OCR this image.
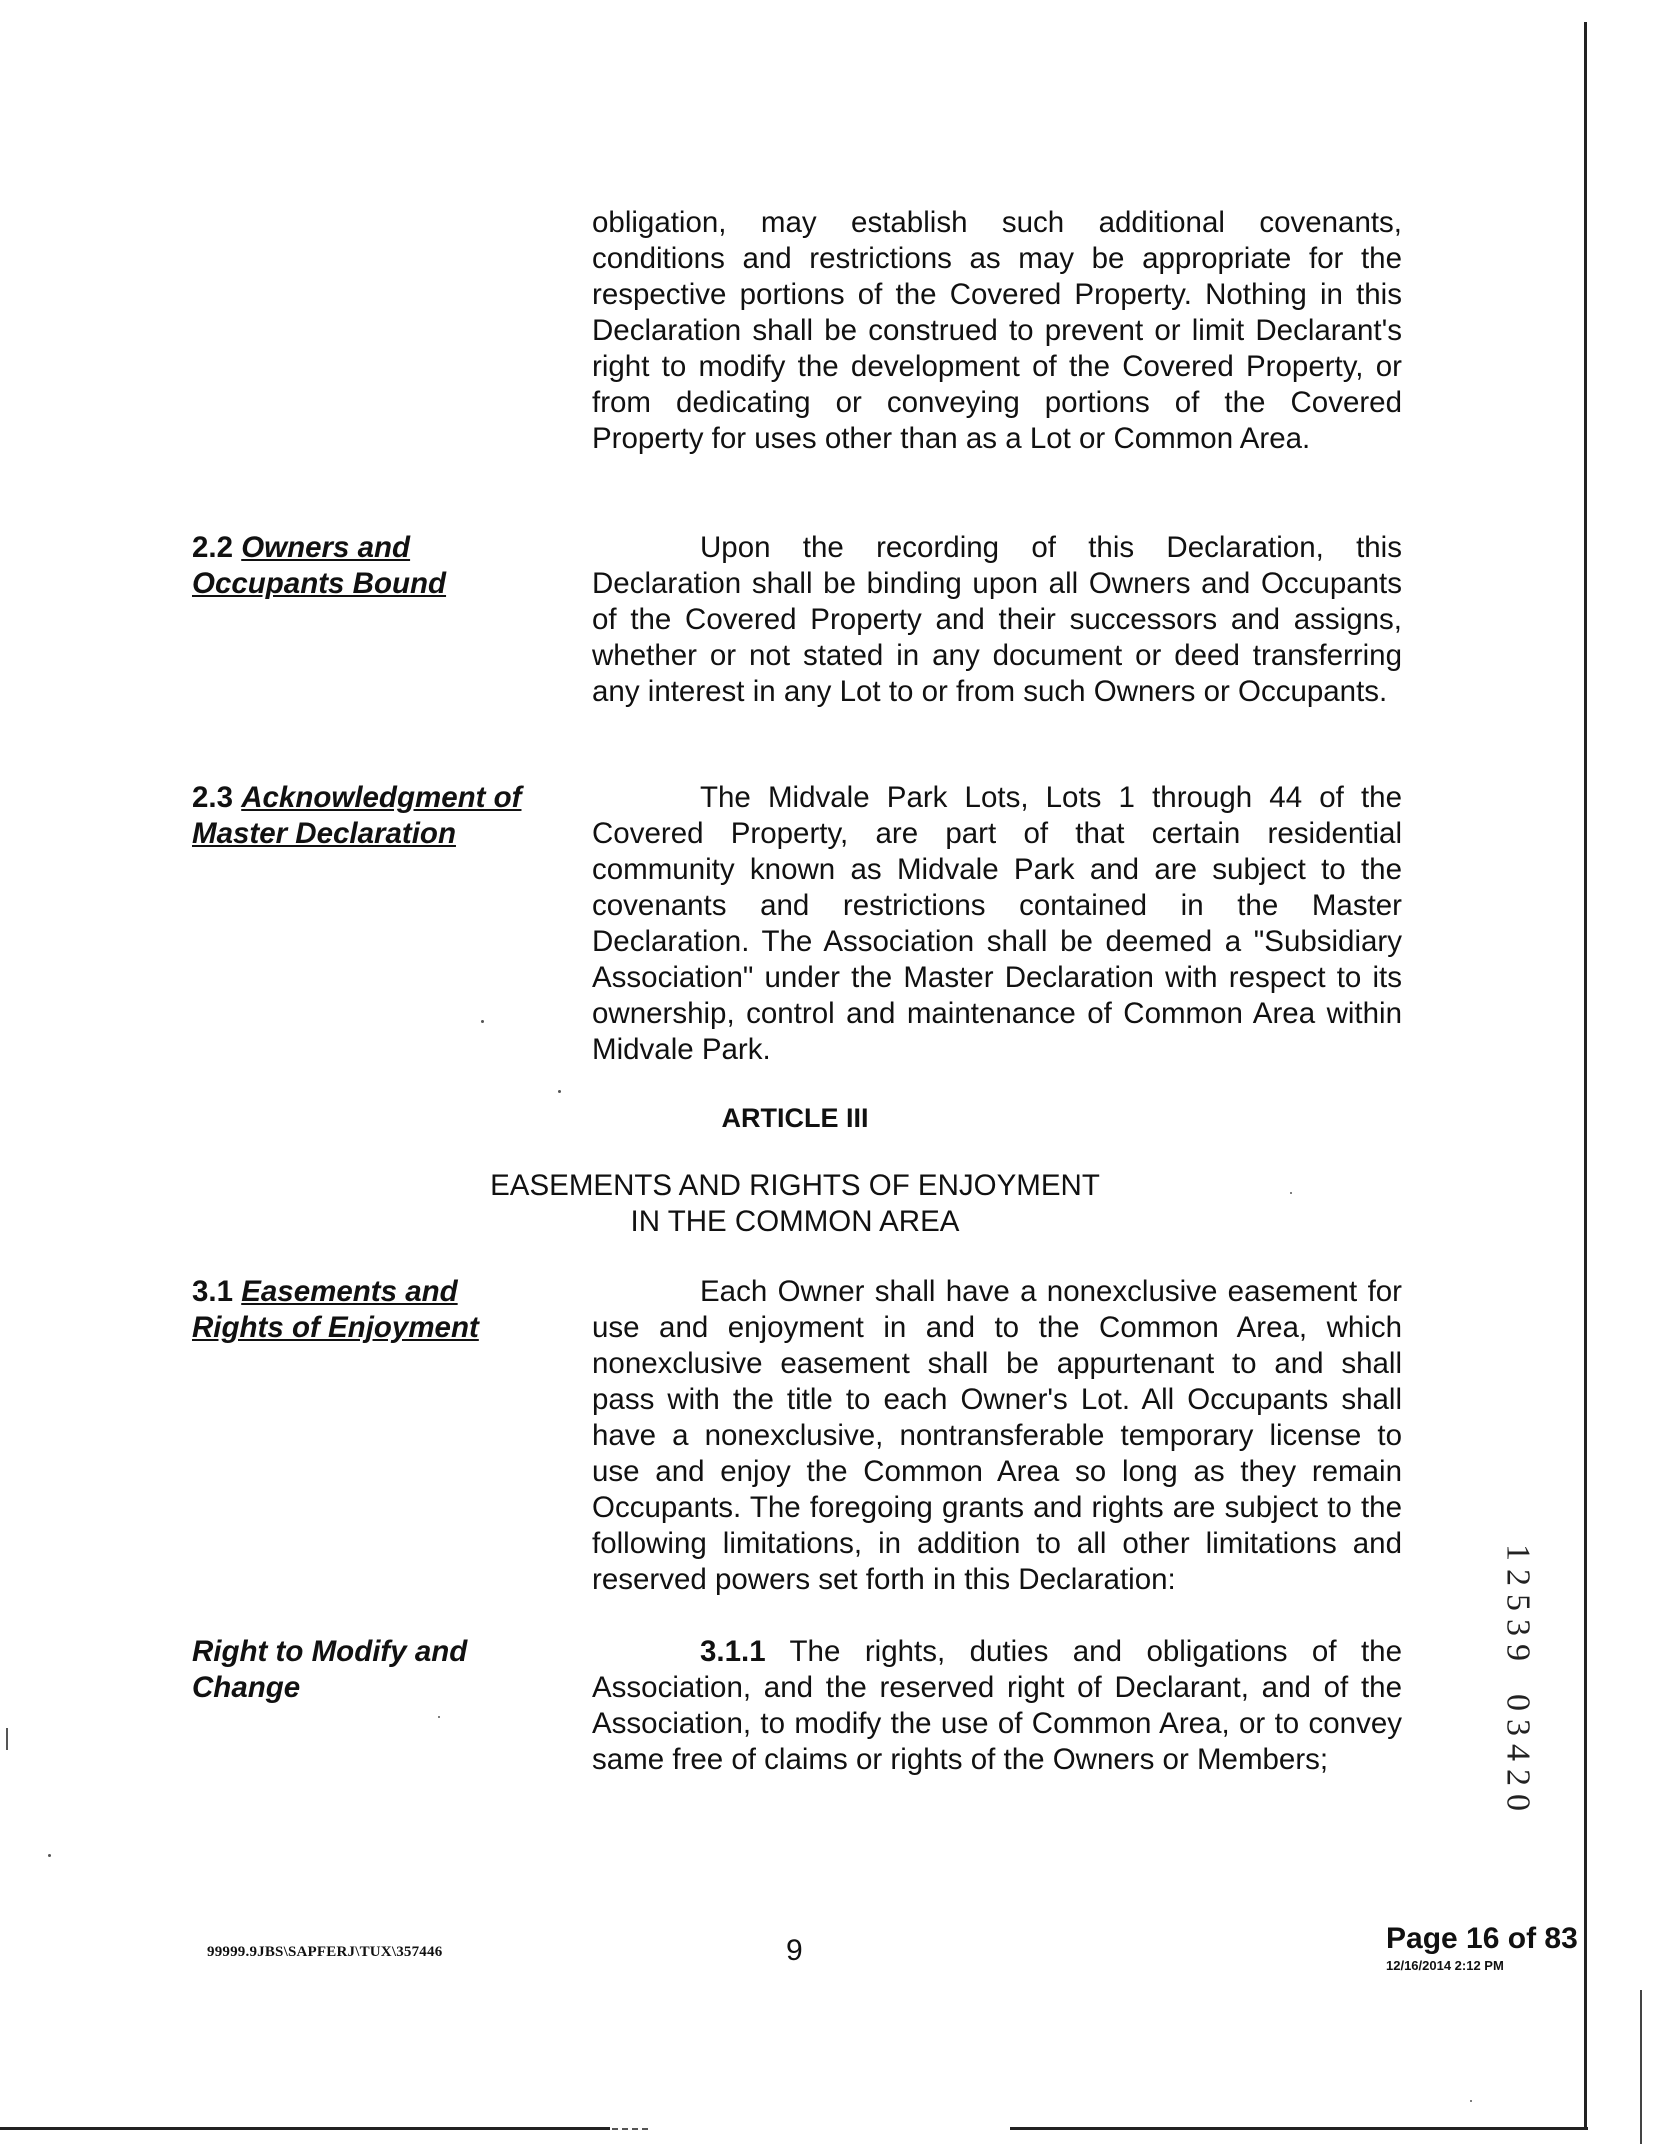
obligation, may establish such additional covenants, conditions and restrictions as may be appropriate for the respective portions of the Covered Property. Nothing in this Declaration shall be construed to prevent or limit Declarant's right to modify the development of the Covered Property, or from dedicating or conveying portions of the Covered Property for uses other than as a Lot or Common Area.
2.2 Owners and
Occupants Bound
Upon the recording of this Declaration, this Declaration shall be binding upon all Owners and Occupants of the Covered Property and their successors and assigns, whether or not stated in any document or deed transferring any interest in any Lot to or from such Owners or Occupants.
2.3 Acknowledgment of
Master Declaration
The Midvale Park Lots, Lots 1 through 44 of the Covered Property, are part of that certain residential community known as Midvale Park and are subject to the covenants and restrictions contained in the Master Declaration. The Association shall be deemed a "Subsidiary Association" under the Master Declaration with respect to its ownership, control and maintenance of Common Area within Midvale Park.
ARTICLE III
EASEMENTS AND RIGHTS OF ENJOYMENT
IN THE COMMON AREA
3.1 Easements and
Rights of Enjoyment
Each Owner shall have a nonexclusive easement for use and enjoyment in and to the Common Area, which nonexclusive easement shall be appurtenant to and shall pass with the title to each Owner's Lot. All Occupants shall have a nonexclusive, nontransferable temporary license to use and enjoy the Common Area so long as they remain Occupants. The foregoing grants and rights are subject to the following limitations, in addition to all other limitations and reserved powers set forth in this Declaration:
Right to Modify and
Change
3.1.1 The rights, duties and obligations of the Association, and the reserved right of Declarant, and of the Association, to modify the use of Common Area, or to convey same free of claims or rights of the Owners or Members;
1
2
5
3
9
0
3
4
2
0
99999.9JBS\SAPFERJ\TUX\357446	9	Page 16 of 83
12/16/2014 2:12 PM
